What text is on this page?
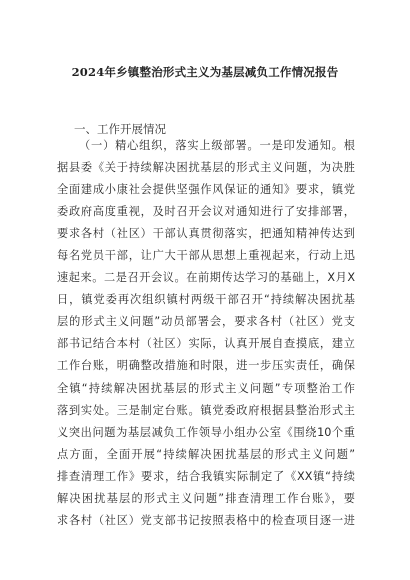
2024年乡镇整治形式主义为基层减负工作情况报告
一、工作开展情况
（一）精心组织，落实上级部署。一是印发通知。根
据县委《关于持续解决困扰基层的形式主义问题，为决胜
全面建成小康社会提供坚强作风保证的通知》要求，镇党
委政府高度重视，及时召开会议对通知进行了安排部署，
要求各村（社区）干部认真贯彻落实，把通知精神传达到
每名党员干部，让广大干部从思想上重视起来，行动上迅
速起来。二是召开会议。在前期传达学习的基础上，X月X
日，镇党委再次组织镇村两级干部召开“持续解决困扰基
层的形式主义问题”动员部署会，要求各村（社区）党支
部书记结合本村（社区）实际，认真开展自查摸底，建立
工作台账，明确整改措施和时限，进一步压实责任，确保
全镇“持续解决困扰基层的形式主义问题”专项整治工作
落到实处。三是制定台账。镇党委政府根据县整治形式主
义突出问题为基层减负工作领导小组办公室《围绕10个重
点方面，全面开展“持续解决困扰基层的形式主义问题”
排查清理工作》要求，结合我镇实际制定了《XX镇“持续
解决困扰基层的形式主义问题”排查清理工作台账》，要
求各村（社区）党支部书记按照表格中的检查项目逐一进
